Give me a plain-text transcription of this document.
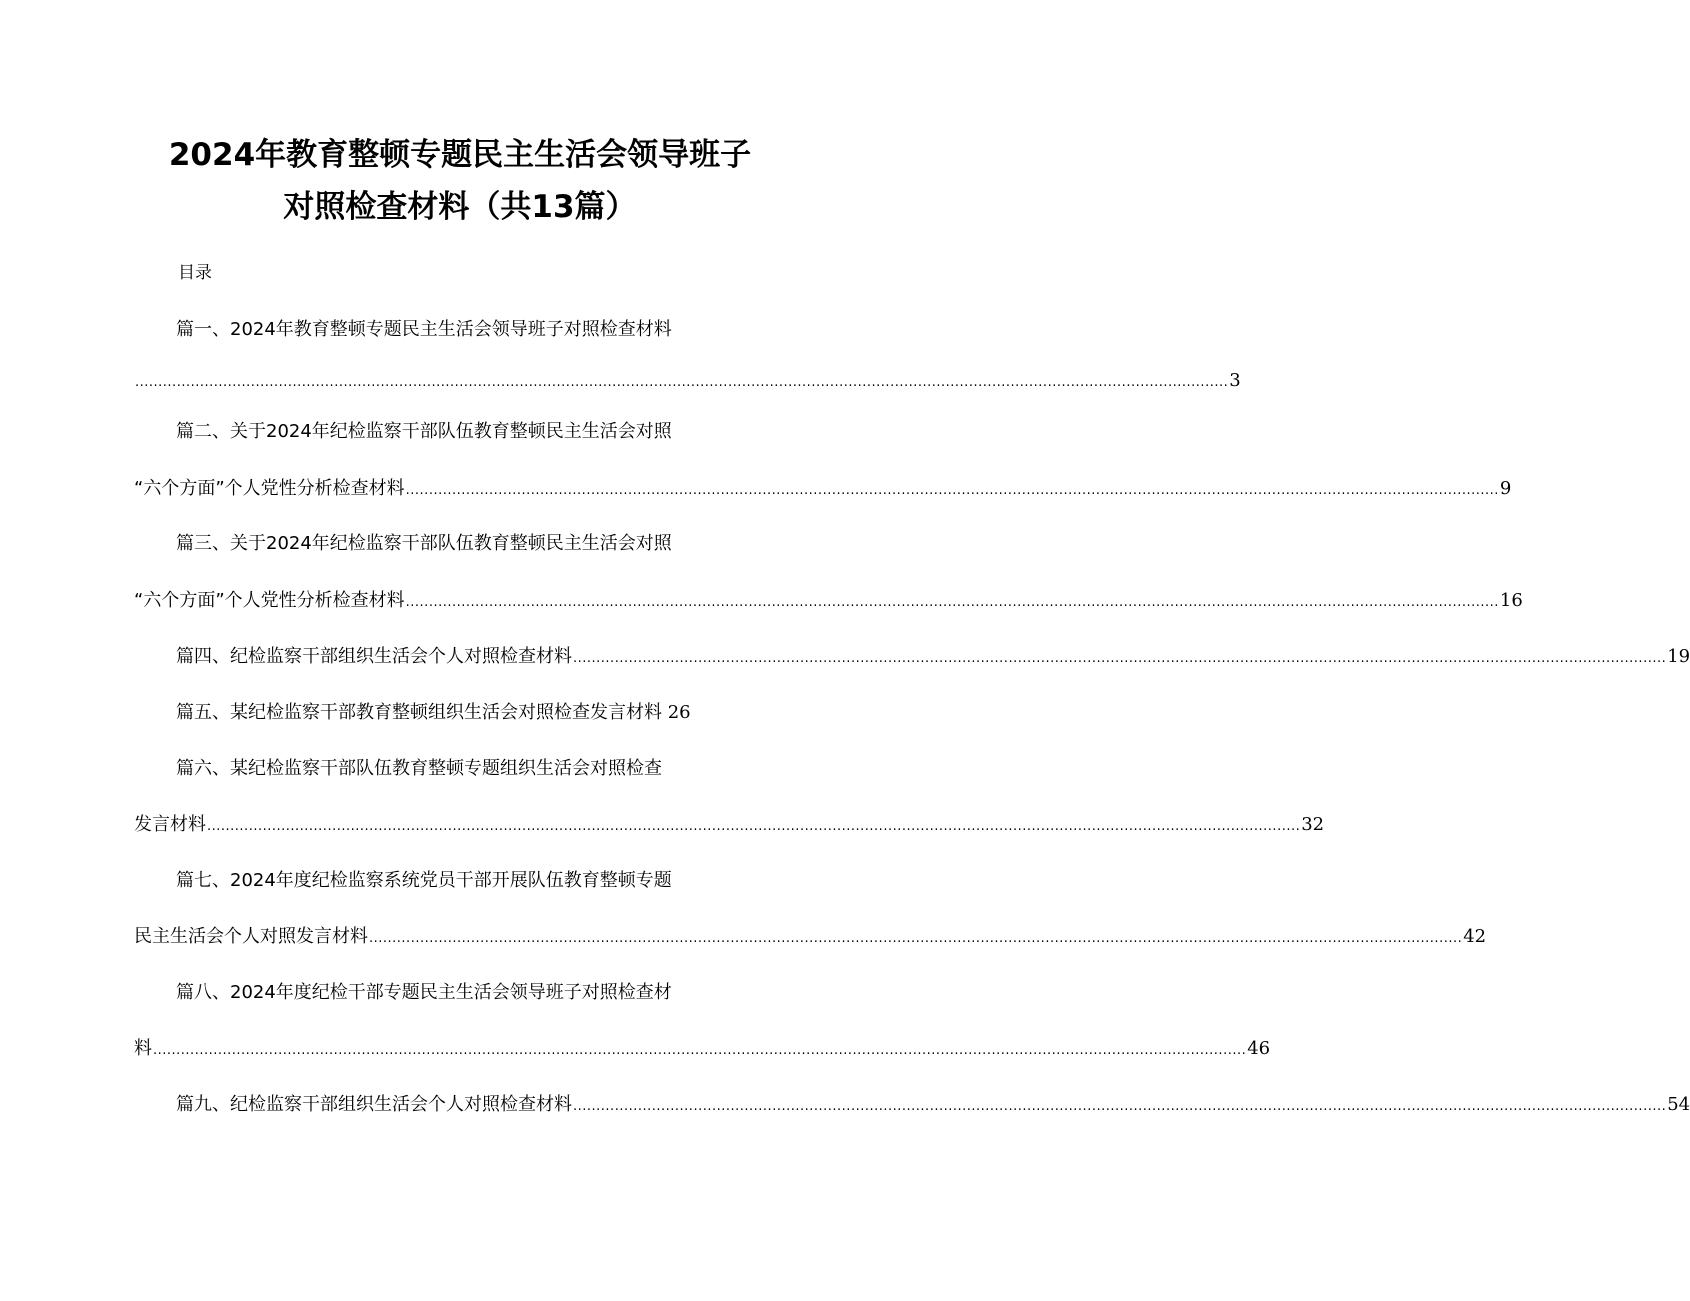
2024年教育整顿专题民主生活会领导班子
对照检查材料（共13篇）
目录
篇一、2024年教育整顿专题民主生活会领导班子对照检查材料
............................................................................................................................................................................................................................................ 3
篇二、关于2024年纪检监察干部队伍教育整顿民主生活会对照
“六个方面”个人党性分析检查材料 ............................................................................................................................................................................................................................................ 9
篇三、关于2024年纪检监察干部队伍教育整顿民主生活会对照
“六个方面”个人党性分析检查材料 ............................................................................................................................................................................................................................................ 16
篇四、纪检监察干部组织生活会个人对照检查材料 ............................................................................................................................................................................................................................................ 19
篇五、某纪检监察干部教育整顿组织生活会对照检查发言材料 26
篇六、某纪检监察干部队伍教育整顿专题组织生活会对照检查
发言材料 ............................................................................................................................................................................................................................................ 32
篇七、2024年度纪检监察系统党员干部开展队伍教育整顿专题
民主生活会个人对照发言材料 ............................................................................................................................................................................................................................................ 42
篇八、2024年度纪检干部专题民主生活会领导班子对照检查材
料 ............................................................................................................................................................................................................................................ 46
篇九、纪检监察干部组织生活会个人对照检查材料 ............................................................................................................................................................................................................................................ 54
